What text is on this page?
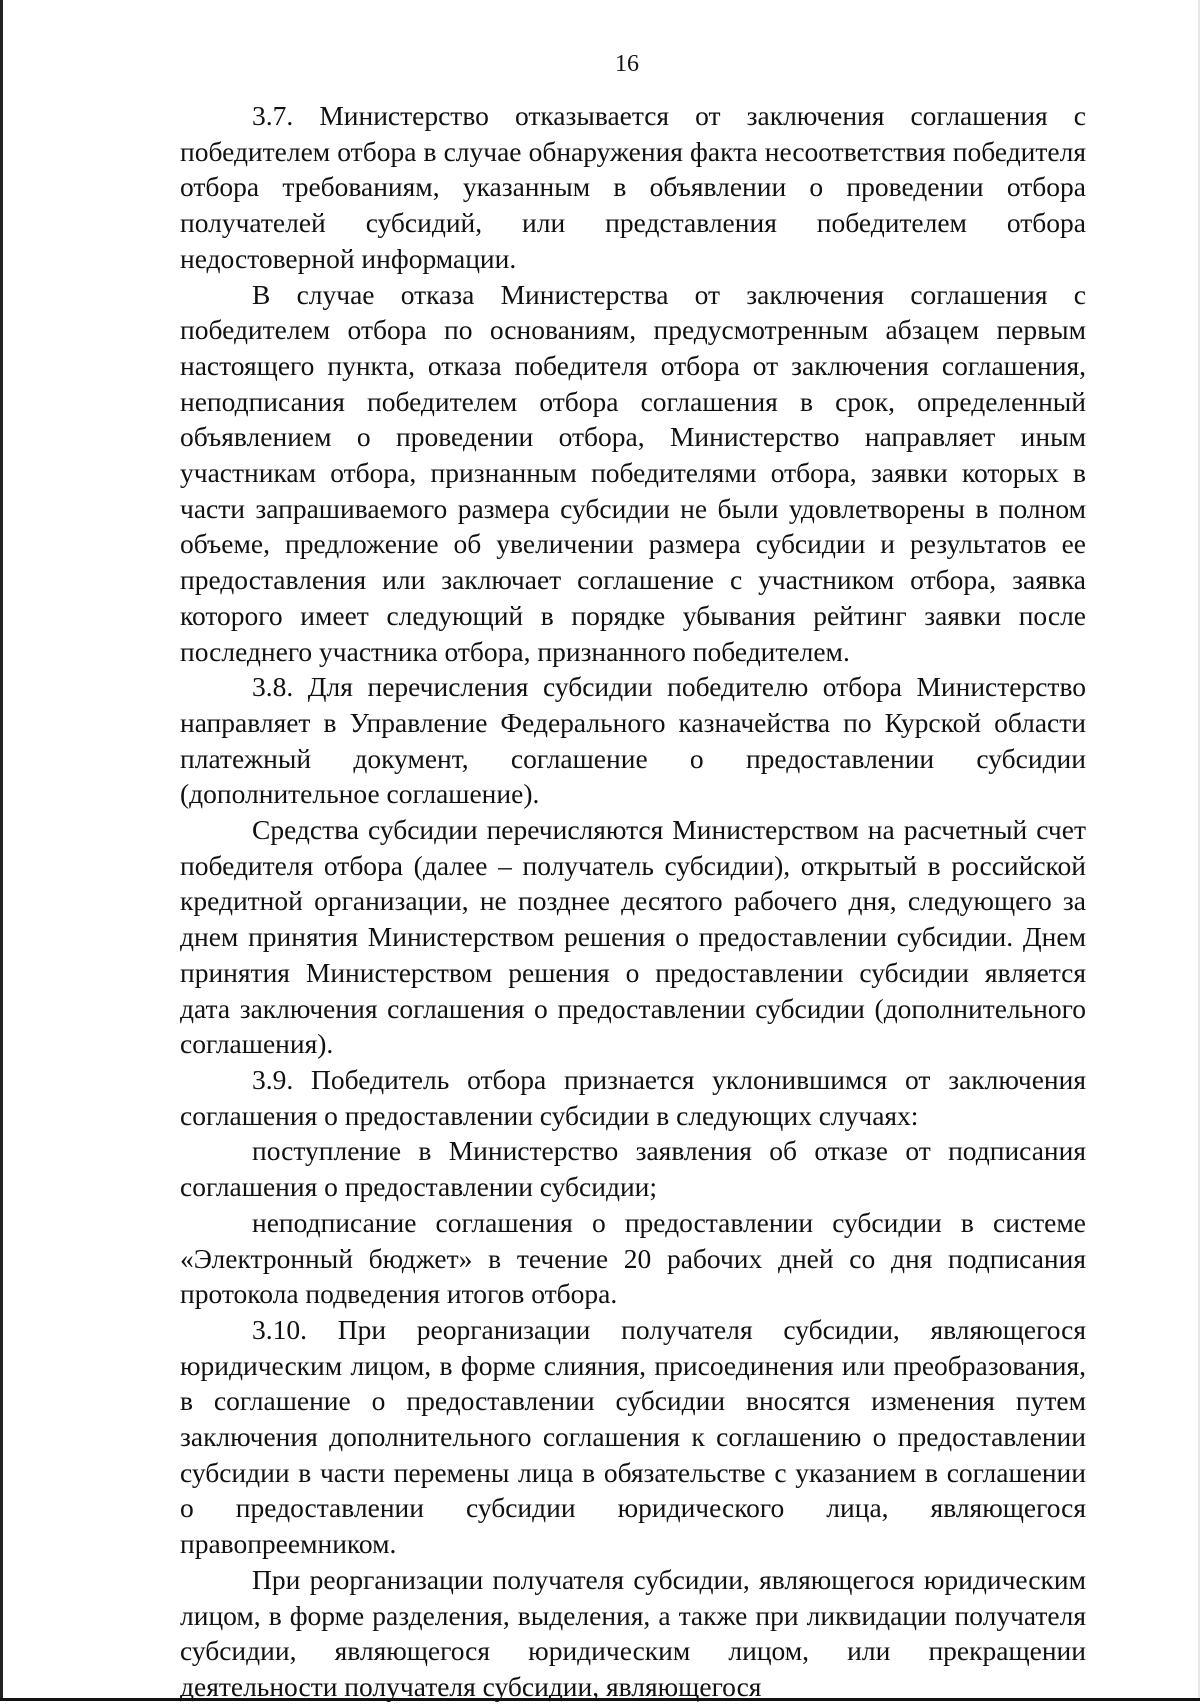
16

3.7. Министерство отказывается от заключения соглашения с победителем отбора в случае обнаружения факта несоответствия победителя отбора требованиям, указанным в объявлении о проведении отбора получателей субсидий, или представления победителем отбора недостоверной информации.

В случае отказа Министерства от заключения соглашения с победителем отбора по основаниям, предусмотренным абзацем первым настоящего пункта, отказа победителя отбора от заключения соглашения, неподписания победителем отбора соглашения в срок, определенный объявлением о проведении отбора, Министерство направляет иным участникам отбора, признанным победителями отбора, заявки которых в части запрашиваемого размера субсидии не были удовлетворены в полном объеме, предложение об увеличении размера субсидии и результатов ее предоставления или заключает соглашение с участником отбора, заявка которого имеет следующий в порядке убывания рейтинг заявки после последнего участника отбора, признанного победителем.

3.8. Для перечисления субсидии победителю отбора Министерство направляет в Управление Федерального казначейства по Курской области платежный документ, соглашение о предоставлении субсидии (дополнительное соглашение).

Средства субсидии перечисляются Министерством на расчетный счет победителя отбора (далее – получатель субсидии), открытый в российской кредитной организации, не позднее десятого рабочего дня, следующего за днем принятия Министерством решения о предоставлении субсидии. Днем принятия Министерством решения о предоставлении субсидии является дата заключения соглашения о предоставлении субсидии (дополнительного соглашения).

3.9. Победитель отбора признается уклонившимся от заключения соглашения о предоставлении субсидии в следующих случаях:

поступление в Министерство заявления об отказе от подписания соглашения о предоставлении субсидии;

неподписание соглашения о предоставлении субсидии в системе «Электронный бюджет» в течение 20 рабочих дней со дня подписания протокола подведения итогов отбора.

3.10. При реорганизации получателя субсидии, являющегося юридическим лицом, в форме слияния, присоединения или преобразования, в соглашение о предоставлении субсидии вносятся изменения путем заключения дополнительного соглашения к соглашению о предоставлении субсидии в части перемены лица в обязательстве с указанием в соглашении о предоставлении субсидии юридического лица, являющегося правопреемником.

При реорганизации получателя субсидии, являющегося юридическим лицом, в форме разделения, выделения, а также при ликвидации получателя субсидии, являющегося юридическим лицом, или прекращении деятельности получателя субсидии, являющегося
